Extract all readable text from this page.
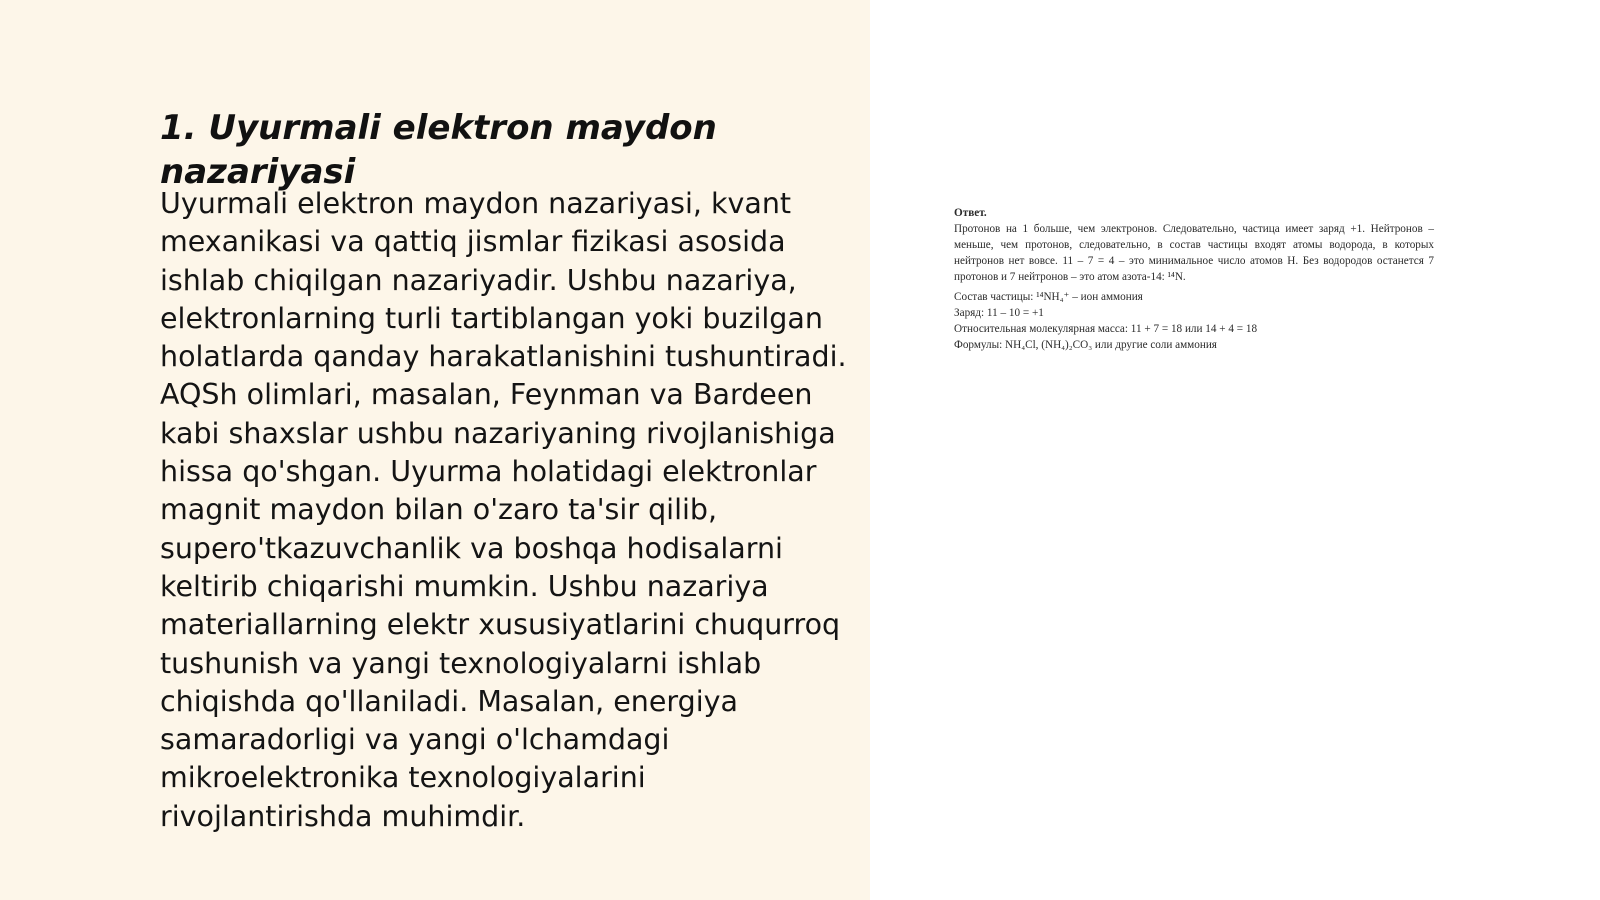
1. Uyurmali elektron maydon nazariyasi

Uyurmali elektron maydon nazariyasi, kvant mexanikasi va qattiq jismlar fizikasi asosida ishlab chiqilgan nazariyadir. Ushbu nazariya, elektronlarning turli tartiblangan yoki buzilgan holatlarda qanday harakatlanishini tushuntiradi. AQSh olimlari, masalan, Feynman va Bardeen kabi shaxslar ushbu nazariyaning rivojlanishiga hissa qo'shgan. Uyurma holatidagi elektronlar magnit maydon bilan o'zaro ta'sir qilib, supero'tkazuvchanlik va boshqa hodisalarni keltirib chiqarishi mumkin. Ushbu nazariya materiallarning elektr xususiyatlarini chuqurroq tushunish va yangi texnologiyalarni ishlab chiqishda qo'llaniladi. Masalan, energiya samaradorligi va yangi o'lchamdagi mikroelektronika texnologiyalarini rivojlantirishda muhimdir.

Ответ.

Протонов на 1 больше, чем электронов. Следовательно, частица имеет заряд +1. Нейтронов – меньше, чем протонов, следовательно, в состав частицы входят атомы водорода, в которых нейтронов нет вовсе. 11 – 7 = 4 – это минимальное число атомов H. Без водородов останется 7 протонов и 7 нейтронов – это атом азота-14: ¹⁴N.

Состав частицы: ¹⁴NH₄⁺ – ион аммония

Заряд: 11 – 10 = +1

Относительная молекулярная масса: 11 + 7 = 18 или 14 + 4 = 18

Формулы: NH₄Cl, (NH₄)₂CO₃ или другие соли аммония
